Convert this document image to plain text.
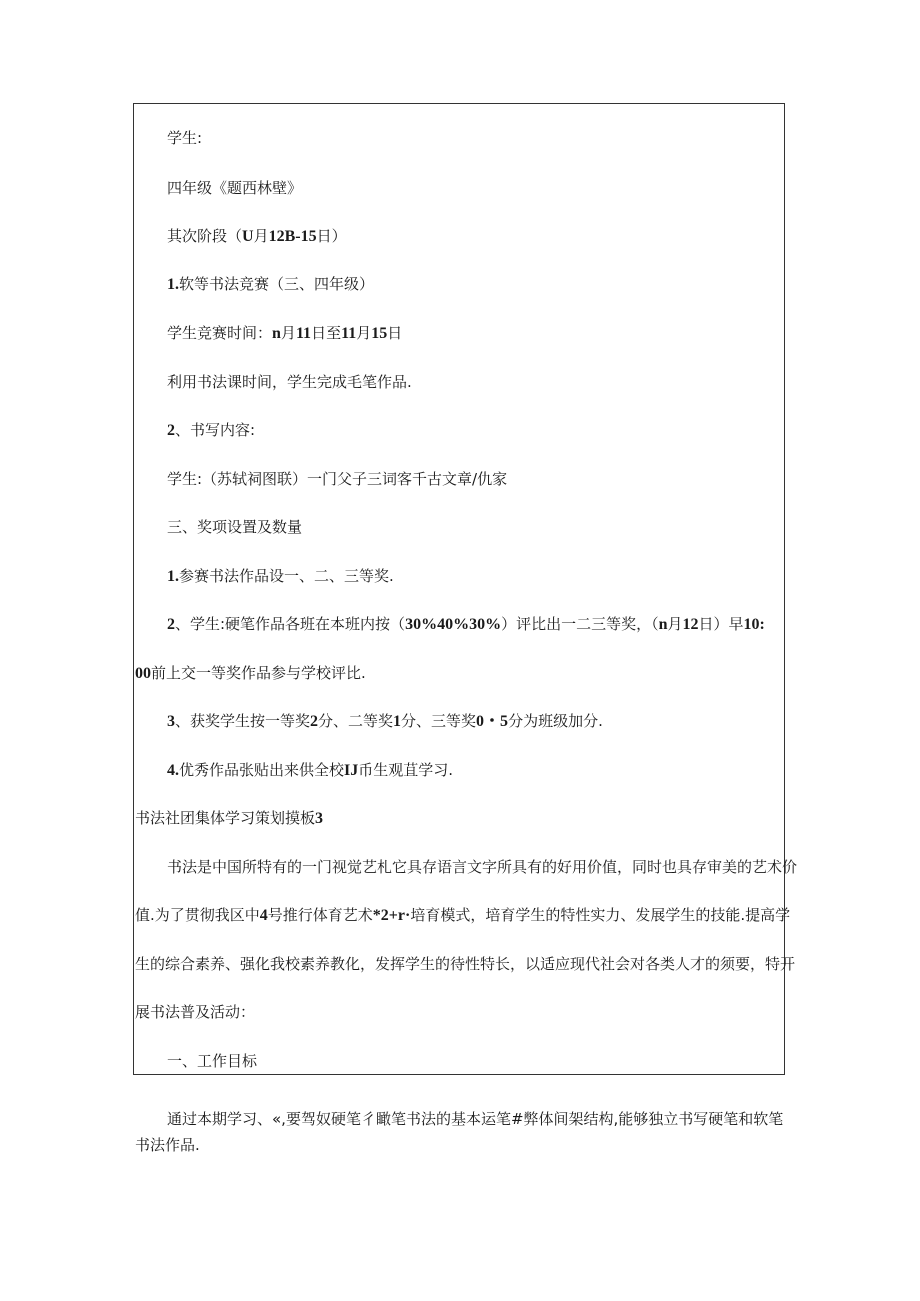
学生:

四年级《题西林壁》

其次阶段（U月12B-15日）

1.软等书法竞赛（三、四年级）

学生竞赛时间：n月11日至11月15日

利用书法课时间，学生完成毛笔作品.

2、书写内容:

学生:（苏轼祠图联）一门父子三词客千古文章/仇家

三、奖项设置及数量

1.参赛书法作品设一、二、三等奖.

2、学生:硬笔作品各班在本班内按（30%40%30%）评比出一二三等奖，（n月12日）早10:

00前上交一等奖作品参与学校评比.

3、获奖学生按一等奖2分、二等奖1分、三等奖0・5分为班级加分.

4.优秀作品张贴出来供全校IJ币生观苴学习.

书法社团集体学习策划摸板3

书法是中国所特有的一门视觉艺札它具存语言文字所具有的好用价值，同时也具存审美的艺术价

值.为了贯彻我区中4号推行体育艺术*2+r·培育模式，培育学生的特性实力、发展学生的技能.提高学

生的综合素养、强化我校素养教化，发挥学生的待性特长，以适应现代社会对各类人才的须要，特开

展书法普及活动：

一、工作目标

通过本期学习、«,要驾奴硬笔彳瞰笔书法的基本运笔#弊体间架结构,能够独立书写硬笔和软笔书法作品.
